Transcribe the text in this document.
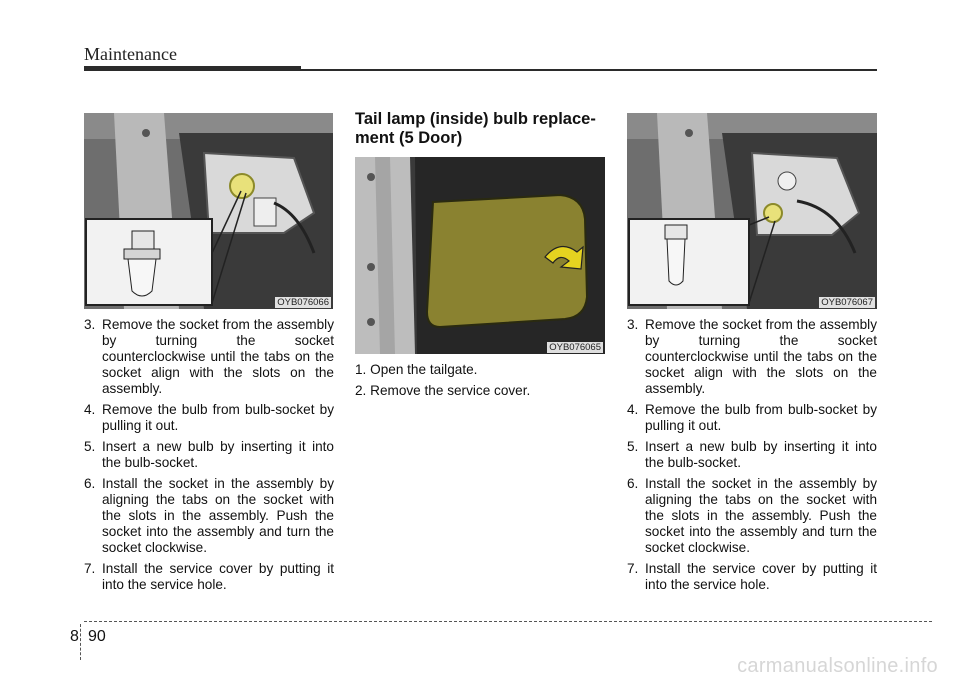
Maintenance
OYB076066
Tail lamp (inside) bulb replace-ment (5 Door)
OYB076065
OYB076067
3. Remove the socket from the assembly by turning the socket counterclockwise until the tabs on the socket align with the slots on the assembly.
4. Remove the bulb from bulb-socket by pulling it out.
5. Insert a new bulb by inserting it into the bulb-socket.
6. Install the socket in the assembly by aligning the tabs on the socket with the slots in the assembly. Push the socket into the assembly and turn the socket clockwise.
7. Install the service cover by putting it into the service hole.
1. Open the tailgate.
2. Remove the service cover.
3. Remove the socket from the assembly by turning the socket counterclockwise until the tabs on the socket align with the slots on the assembly.
4. Remove the bulb from bulb-socket by pulling it out.
5. Insert a new bulb by inserting it into the bulb-socket.
6. Install the socket in the assembly by aligning the tabs on the socket with the slots in the assembly. Push the socket into the assembly and turn the socket clockwise.
7. Install the service cover by putting it into the service hole.
8 90
carmanualsonline.info
